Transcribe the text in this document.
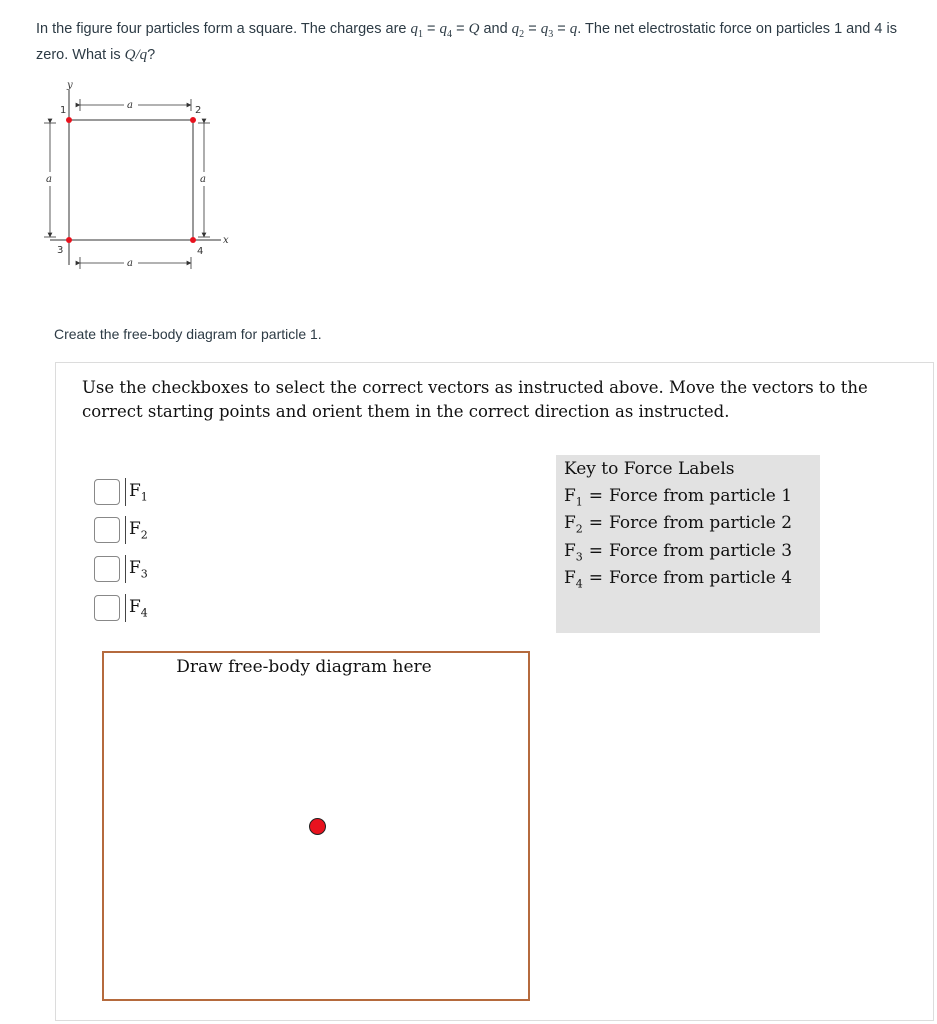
In the figure four particles form a square. The charges are $q_1 = q_4 = Q$ and $q_2 = q_3 = q$. The net electrostatic force on particles 1 and 4 is zero. What is Q/q?
y
x
a
a
a	a
1	2
3	4
Create the free-body diagram for particle 1.
Use the checkboxes to select the correct vectors as instructed above. Move the vectors to the correct starting points and orient them in the correct direction as instructed.
$F_1$
$F_2$
$F_3$
$F_4$
Key to Force Labels
$F_1$ = Force from particle 1
$F_2$ = Force from particle 2
$F_3$ = Force from particle 3
$F_4$ = Force from particle 4
Draw free-body diagram here
